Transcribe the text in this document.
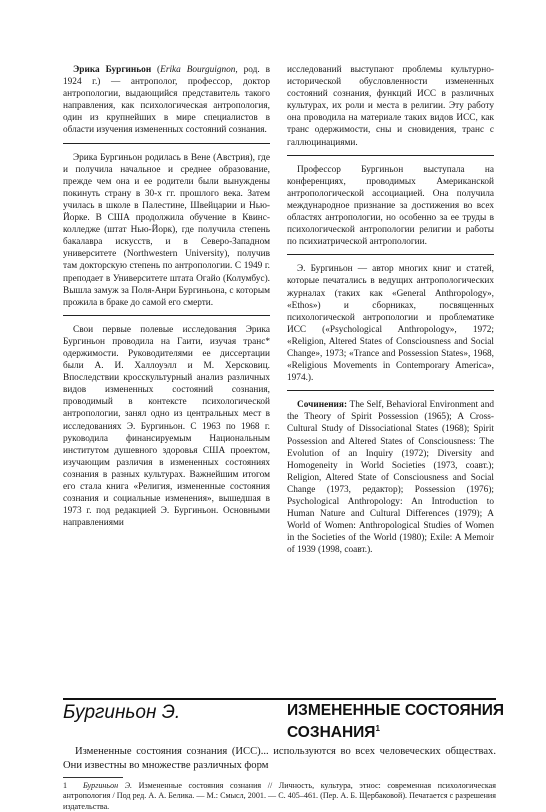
Эрика Бургиньон (Erika Bourguignon, род. в 1924 г.) — антрополог, профессор, доктор антропологии, выдающийся представитель такого направления, как психологическая антропология, один из крупнейших в мире специалистов в области изучения измененных состояний сознания.

Эрика Бургиньон родилась в Вене (Австрия), где и получила начальное и среднее образование, прежде чем она и ее родители были вынуждены покинуть страну в 30-х гг. прошлого века. Затем училась в школе в Палестине, Швейцарии и Нью-Йорке. В США продолжила обучение в Квинс-колледже (штат Нью-Йорк), где получила степень бакалавра искусств, и в Северо-Западном университете (Northwestern University), получив там докторскую степень по антропологии. С 1949 г. преподает в Университете штата Огайо (Колумбус). Вышла замуж за Поля-Анри Бургиньона, с которым прожила в браке до самой его смерти.

Свои первые полевые исследования Эрика Бургиньон проводила на Гаити, изучая транс* одержимости. Руководителями ее диссертации были А. И. Халлоуэлл и М. Херсковиц. Впоследствии кросскультурный анализ различных видов измененных состояний сознания, проводимый в контексте психологической антропологии, занял одно из центральных мест в исследованиях Э. Бургиньон. С 1963 по 1968 г. руководила финансируемым Национальным институтом душевного здоровья США проектом, изучающим различия в измененных состояниях сознания в разных культурах. Важнейшим итогом его стала книга «Религия, измененные состояния сознания и социальные изменения», вышедшая в 1973 г. под редакцией Э. Бургиньон. Основными направлениями

исследований выступают проблемы культурно-исторической обусловленности измененных состояний сознания, функций ИСС в различных культурах, их роли и места в религии. Эту работу она проводила на материале таких видов ИСС, как транс одержимости, сны и сновидения, транс с галлюцинациями.

Профессор Бургиньон выступала на конференциях, проводимых Американской антропологической ассоциацией. Она получила международное признание за достижения во всех областях антропологии, но особенно за ее труды в психологической антропологии религии и работы по психиатрической антропологии.

Э. Бургиньон — автор многих книг и статей, которые печатались в ведущих антропологических журналах (таких как «General Anthropology», «Ethos») и сборниках, посвященных психологической антропологии и проблематике ИСС («Psychological Anthropology», 1972; «Religion, Altered States of Consciousness and Social Change», 1973; «Trance and Possession States», 1968, «Religious Movements in Contemporary America», 1974.).

Сочинения: The Self, Behavioral Environment and the Theory of Spirit Possession (1965); A Cross-Cultural Study of Dissociational States (1968); Spirit Possession and Altered States of Consciousness: The Evolution of an Inquiry (1972); Diversity and Homogeneity in World Societies (1973, соавт.); Religion, Altered State of Consciousness and Social Change (1973, редактор); Possession (1976); Psychological Anthropology: An Introduction to Human Nature and Cultural Differences (1979); A World of Women: Anthropological Studies of Women in the Societies of the World (1980); Exile: A Memoir of 1939 (1998, соавт.).

Бургиньон Э.	ИЗМЕНЕННЫЕ СОСТОЯНИЯ
СОЗНАНИЯ$^1$

Измененные состояния сознания (ИСС)... используются во всех человеческих обществах. Они известны во множестве различных форм

1 Бургиньон Э. Измененные состояния сознания // Личность, культура, этнос: современная психологическая антропология / Под ред. А. А. Белика. — М.: Смысл, 2001. — С. 405–461. (Пер. А. Б. Щербаковой). Печатается с разрешения издательства.
